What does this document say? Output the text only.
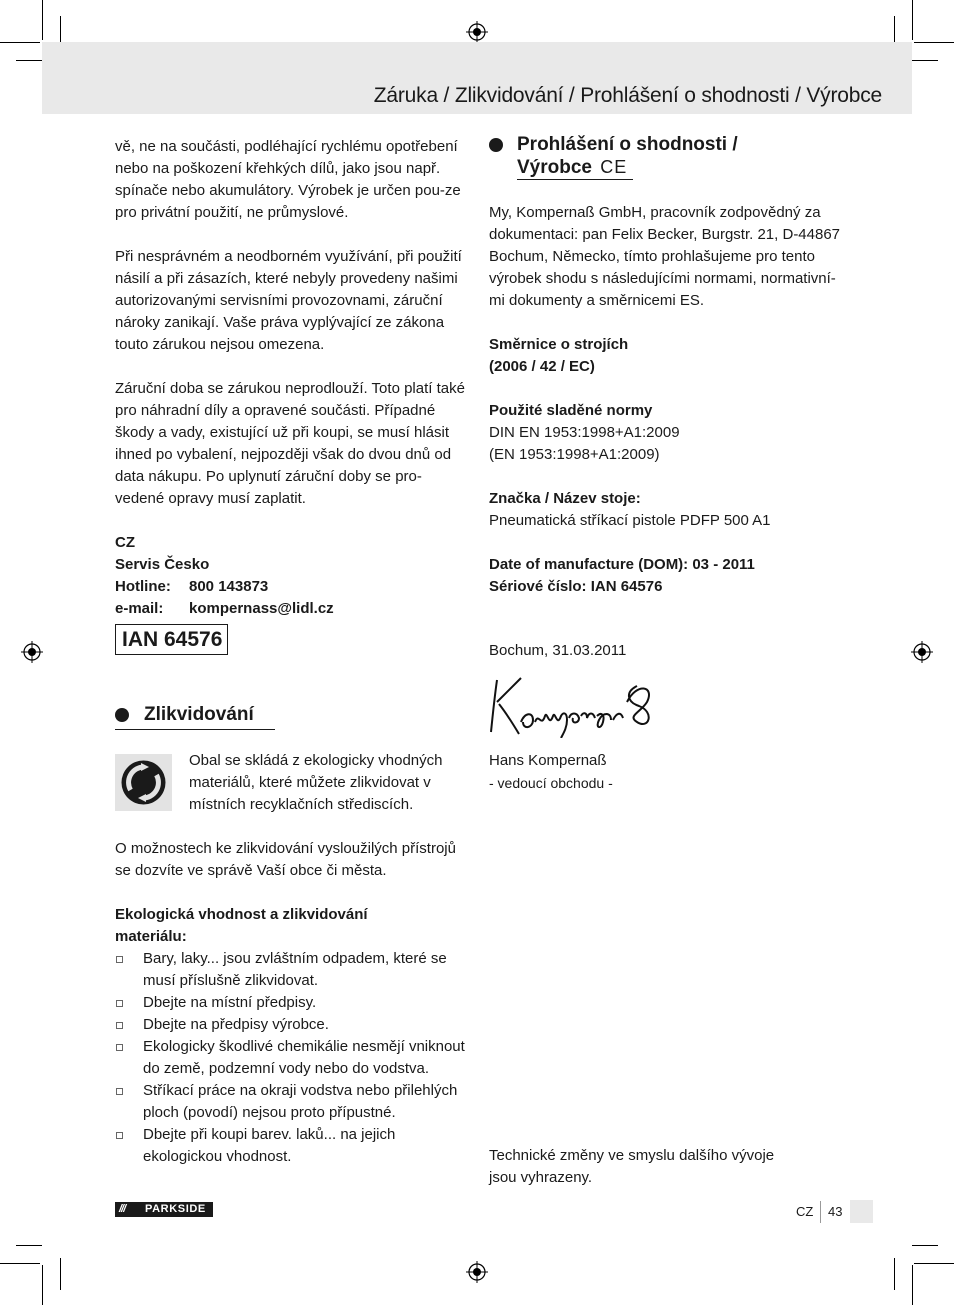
Záruka / Zlikvidování / Prohlášení o shodnosti / Výrobce

vě, ne na součásti, podléhající rychlému opotřebení nebo na poškození křehkých dílů, jako jsou např. spínače nebo akumulátory. Výrobek je určen pou-ze pro privátní použití, ne průmyslové.

Při nesprávném a neodborném využívání, při použití násilí a při zásazích, které nebyly provedeny našimi autorizovanými servisními provozovnami, záruční nároky zanikají. Vaše práva vyplývající ze zákona touto zárukou nejsou omezena.

Záruční doba se zárukou neprodlouží. Toto platí také pro náhradní díly a opravené součásti. Případné škody a vady, existující už při koupi, se musí hlásit ihned po vybalení, nejpozději však do dvou dnů od data nákupu. Po uplynutí záruční doby se pro-vedené opravy musí zaplatit.

CZ
Servis Česko
Hotline:	800 143873
e-mail:	kompernass@lidl.cz
IAN 64576
Zlikvidování
Obal se skládá z ekologicky vhodných materiálů, které můžete zlikvidovat v místních recyklačních střediscích.
O možnostech ke zlikvidování vysloužilých přístrojů se dozvíte ve správě Vaší obce či města.
Ekologická vhodnost a zlikvidování
materiálu:
Bary, laky... jsou zvláštním odpadem, které se musí příslušně zlikvidovat.
Dbejte na místní předpisy.
Dbejte na předpisy výrobce.
Ekologicky škodlivé chemikálie nesmějí vniknout do země, podzemní vody nebo do vodstva.
Stříkací práce na okraji vodstva nebo přilehlých ploch (povodí) nejsou proto přípustné.
Dbejte při koupi barev. laků... na jejich ekologickou vhodnost.
Prohlášení o shodnosti /
Výrobce CE

My, Kompernaß GmbH, pracovník zodpovědný za dokumentaci: pan Felix Becker, Burgstr. 21, D-44867 Bochum, Německo, tímto prohlašujeme pro tento výrobek shodu s následujícími normami, normativní-mi dokumenty a směrnicemi ES.

Směrnice o strojích
(2006 / 42 / EC)
Použité sladěné normy
DIN EN 1953:1998+A1:2009
(EN 1953:1998+A1:2009)
Značka / Název stoje:
Pneumatická stříkací pistole PDFP 500 A1
Date of manufacture (DOM): 03 - 2011
Sériové číslo: IAN 64576
Bochum, 31.03.2011
Hans Kompernaß
- vedoucí obchodu -
Technické změny ve smyslu dalšího vývoje jsou vyhrazeny.
/// PARKSIDE	CZ 43
